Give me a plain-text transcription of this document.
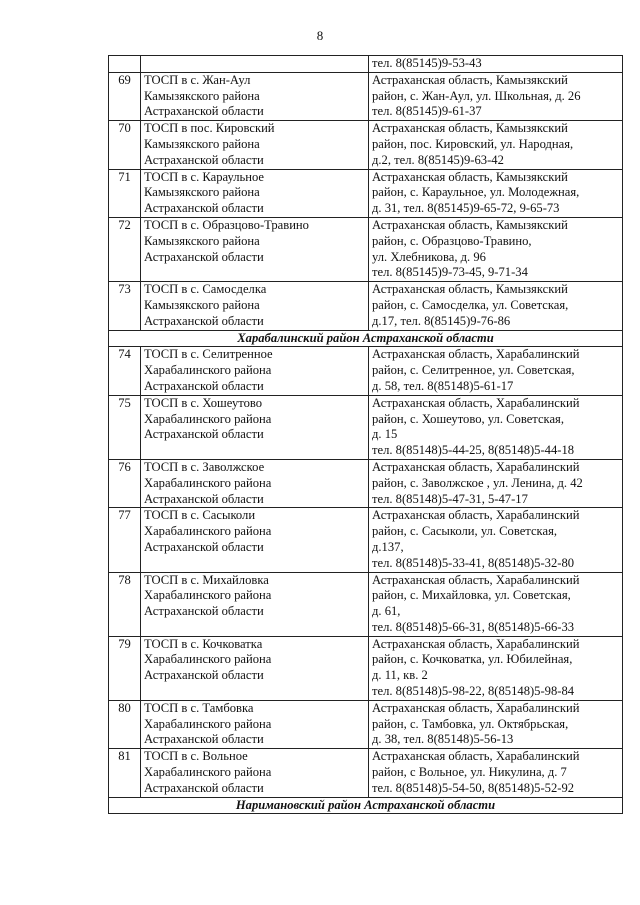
8
		тел. 8(85145)9-53-43
69	ТОСП в с. Жан-Аул
Камызякского района
Астраханской области	Астраханская область, Камызякский
район, с. Жан-Аул, ул. Школьная, д. 26
тел. 8(85145)9-61-37
70	ТОСП в пос. Кировский
Камызякского района
Астраханской области	Астраханская область, Камызякский
район, пос. Кировский, ул. Народная,
д.2, тел. 8(85145)9-63-42
71	ТОСП в с. Караульное
Камызякского района
Астраханской области	Астраханская область, Камызякский
район, с. Караульное, ул. Молодежная,
д. 31, тел. 8(85145)9-65-72, 9-65-73
72	ТОСП в с. Образцово-Травино
Камызякского района
Астраханской области	Астраханская область, Камызякский
район, с. Образцово-Травино,
ул. Хлебникова, д. 96
тел. 8(85145)9-73-45, 9-71-34
73	ТОСП в с. Самосделка
Камызякского района
Астраханской области	Астраханская область, Камызякский
район, с. Самосделка, ул. Советская,
д.17, тел. 8(85145)9-76-86
Харабалинский район Астраханской области		
74	ТОСП в с. Селитренное
Харабалинского района
Астраханской области	Астраханская область, Харабалинский
район, с. Селитренное, ул. Советская,
д. 58, тел. 8(85148)5-61-17
75	ТОСП в с. Хошеутово
Харабалинского района
Астраханской области	Астраханская область, Харабалинский
район, с. Хошеутово, ул. Советская,
д. 15
тел. 8(85148)5-44-25, 8(85148)5-44-18
76	ТОСП в с. Заволжское
Харабалинского района
Астраханской области	Астраханская область, Харабалинский
район, с. Заволжское , ул. Ленина, д. 42
тел. 8(85148)5-47-31, 5-47-17
77	ТОСП в с. Сасыколи
Харабалинского района
Астраханской области	Астраханская область, Харабалинский
район, с. Сасыколи, ул. Советская,
д.137,
тел. 8(85148)5-33-41, 8(85148)5-32-80
78	ТОСП в с. Михайловка
Харабалинского района
Астраханской области	Астраханская область, Харабалинский
район, с. Михайловка, ул. Советская,
д. 61,
тел. 8(85148)5-66-31, 8(85148)5-66-33
79	ТОСП в с. Кочковатка
Харабалинского района
Астраханской области	Астраханская область, Харабалинский
район, с. Кочковатка, ул. Юбилейная,
д. 11, кв. 2
тел. 8(85148)5-98-22, 8(85148)5-98-84
80	ТОСП в с. Тамбовка
Харабалинского района
Астраханской области	Астраханская область, Харабалинский
район, с. Тамбовка, ул. Октябрьская,
д. 38, тел. 8(85148)5-56-13
81	ТОСП в с. Вольное
Харабалинского района
Астраханской области	Астраханская область, Харабалинский
район, с Вольное, ул. Никулина, д. 7
тел. 8(85148)5-54-50, 8(85148)5-52-92
Наримановский район Астраханской области		
